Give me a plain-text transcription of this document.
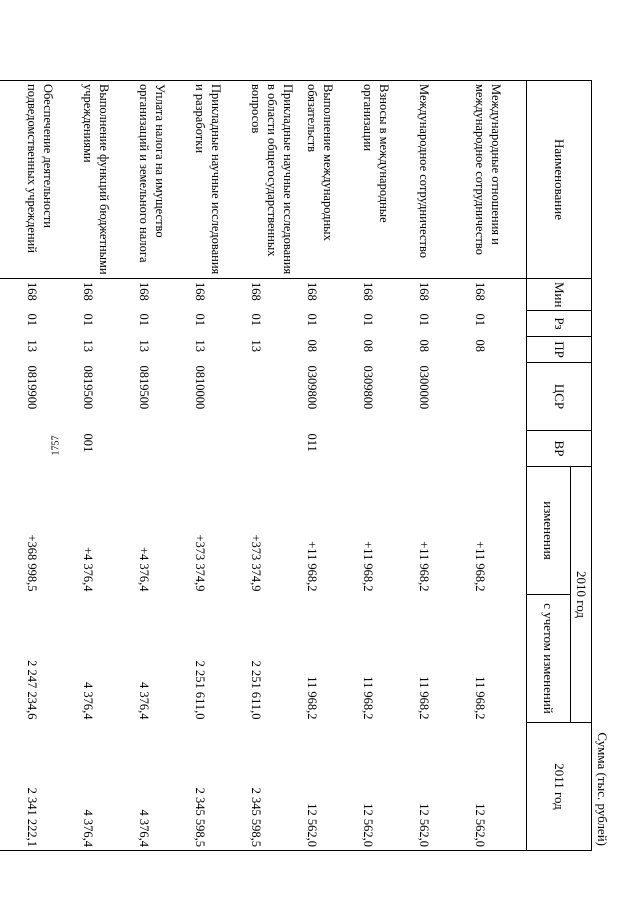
1757
Сумма (тыс. рублей)
Наименование	Мин	Рз	ПР	ЦСР	ВР	2010 год		2011 год
						изменения	с учетом изменений	
Международные отношения и международное сотрудничество	168	01	08			+11 968,2	11 968,2	12 562,0
Международное сотрудничество	168	01	08	0300000		+11 968,2	11 968,2	12 562,0
Взносы в международные организации	168	01	08	0309800		+11 968,2	11 968,2	12 562,0
Выполнение международных обязательств	168	01	08	0309800	011	+11 968,2	11 968,2	12 562,0
Прикладные научные исследования в области общегосударственных вопросов	168	01	13			+373 374,9	2 251 611,0	2 345 598,5
Прикладные научные исследования и разработки	168	01	13	0810000		+373 374,9	2 251 611,0	2 345 598,5
Уплата налога на имущество организаций и земельного налога	168	01	13	0819500		+4 376,4	4 376,4	4 376,4
Выполнение функций бюджетными учреждениями	168	01	13	0819500	001	+4 376,4	4 376,4	4 376,4
Обеспечение деятельности подведомственных учреждений	168	01	13	0819900		+368 998,5	2 247 234,6	2 341 222,1
